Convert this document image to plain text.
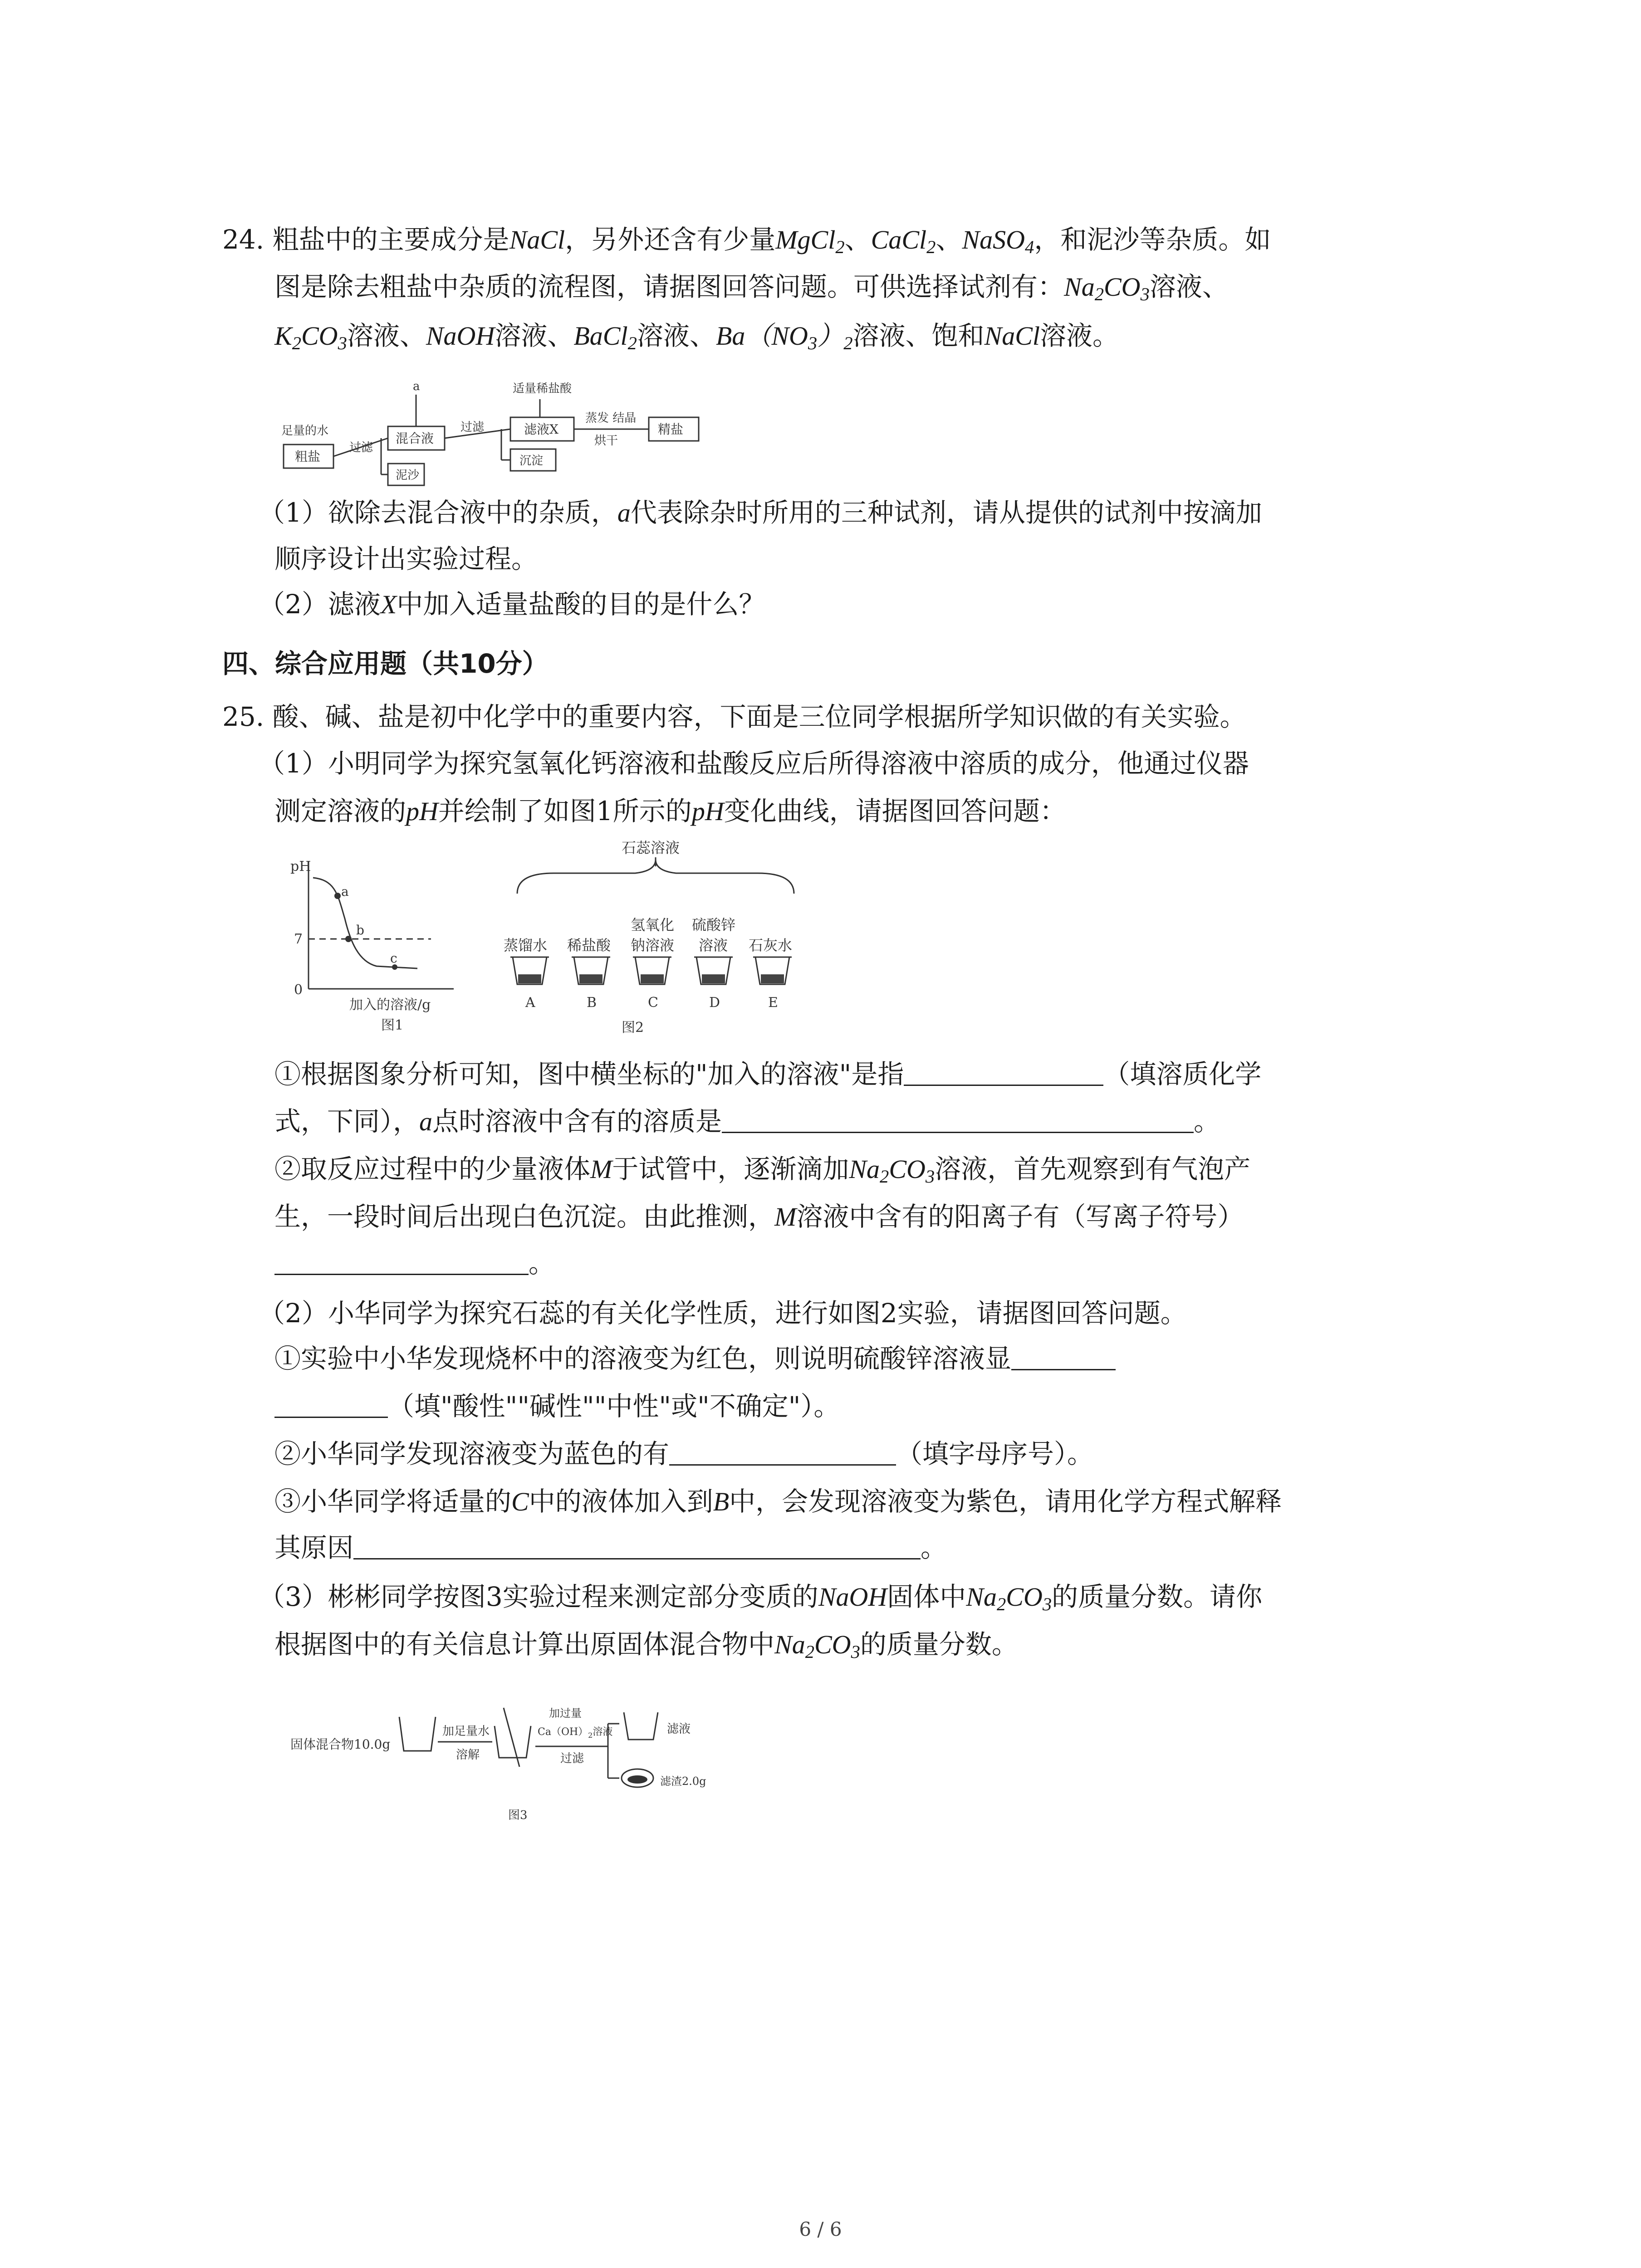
24. 粗盐中的主要成分是NaCl，另外还含有少量MgCl$_2$、CaCl$_2$、NaSO$_4$，和泥沙等杂质。如
图是除去粗盐中杂质的流程图，请据图回答问题。可供选择试剂有：$Na_2CO_3$溶液、
$K_2CO_3$溶液、NaOH溶液、BaCl$_2$溶液、$Ba(NO_3)_2$溶液、饱和NaCl溶液。
足量的水
粗盐
过滤
混合液
a
泥沙
过滤
适量稀盐酸
滤液X
沉淀
蒸发 结晶
烘干
精盐
（1）欲除去混合液中的杂质，a代表除杂时所用的三种试剂，请从提供的试剂中按滴加
顺序设计出实验过程。
（2）滤液X中加入适量盐酸的目的是什么？
四、综合应用题（共10分）
25. 酸、碱、盐是初中化学中的重要内容，下面是三位同学根据所学知识做的有关实验。
（1）小明同学为探究氢氧化钙溶液和盐酸反应后所得溶液中溶质的成分，他通过仪器
测定溶液的pH并绘制了如图1所示的pH变化曲线，请据图回答问题：
pH
7
0
a
b
c
加入的溶液/g
图1
石蕊溶液
蒸馏水 稀盐酸
氢氧化
钠溶液
硫酸锌
溶液 石灰水
A	B	C	D	E
图2
①根据图象分析可知，图中横坐标的"加入的溶液"是指	（填溶质化学
式，下同），a点时溶液中含有的溶质是	。
②取反应过程中的少量液体M于试管中，逐渐滴加$Na_2CO_3$溶液，首先观察到有气泡产
生，一段时间后出现白色沉淀。由此推测，M溶液中含有的阳离子有（写离子符号）
。
（2）小华同学为探究石蕊的有关化学性质，进行如图2实验，请据图回答问题。
①实验中小华发现烧杯中的溶液变为红色，则说明硫酸锌溶液显
（填"酸性""碱性""中性"或"不确定"）。
②小华同学发现溶液变为蓝色的有	（填字母序号）。
③小华同学将适量的C中的液体加入到B中，会发现溶液变为紫色，请用化学方程式解释
其原因	。
（3）彬彬同学按图3实验过程来测定部分变质的NaOH固体中$Na_2CO_3$的质量分数。请你
根据图中的有关信息计算出原固体混合物中$Na_2CO_3$的质量分数。
固体混合物10.0g
加足量水
溶解
加过量
$Ca(OH)_2$溶液
过滤
滤液
滤渣2.0g
图3
6 / 6
